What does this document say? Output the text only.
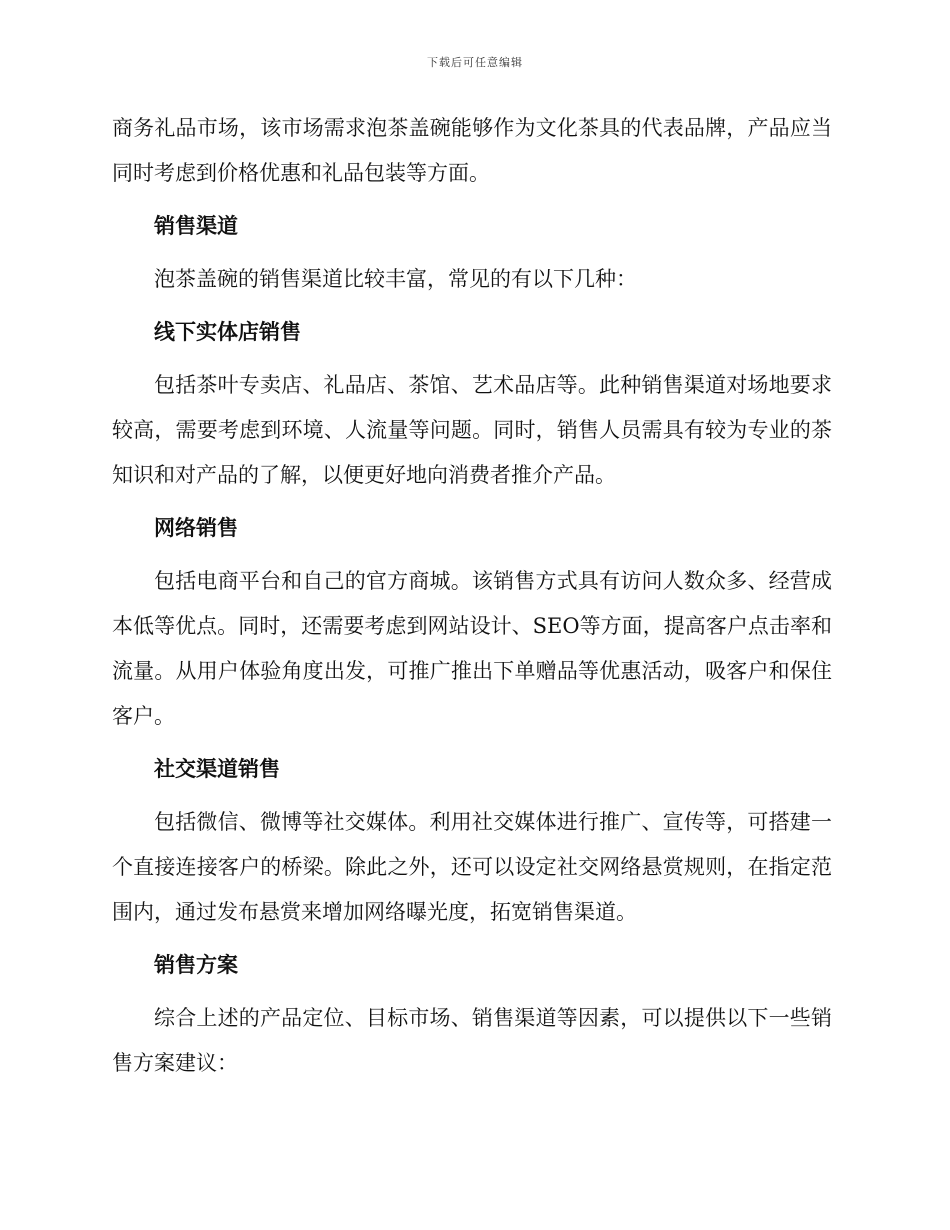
下载后可任意编辑

商务礼品市场，该市场需求泡茶盖碗能够作为文化茶具的代表品牌，产品应当同时考虑到价格优惠和礼品包装等方面。

销售渠道

泡茶盖碗的销售渠道比较丰富，常见的有以下几种：

线下实体店销售

包括茶叶专卖店、礼品店、茶馆、艺术品店等。此种销售渠道对场地要求较高，需要考虑到环境、人流量等问题。同时，销售人员需具有较为专业的茶知识和对产品的了解，以便更好地向消费者推介产品。

网络销售

包括电商平台和自己的官方商城。该销售方式具有访问人数众多、经营成本低等优点。同时，还需要考虑到网站设计、SEO等方面，提高客户点击率和流量。从用户体验角度出发，可推广推出下单赠品等优惠活动，吸客户和保住客户。

社交渠道销售

包括微信、微博等社交媒体。利用社交媒体进行推广、宣传等，可搭建一个直接连接客户的桥梁。除此之外，还可以设定社交网络悬赏规则，在指定范围内，通过发布悬赏来增加网络曝光度，拓宽销售渠道。

销售方案

综合上述的产品定位、目标市场、销售渠道等因素，可以提供以下一些销售方案建议：
